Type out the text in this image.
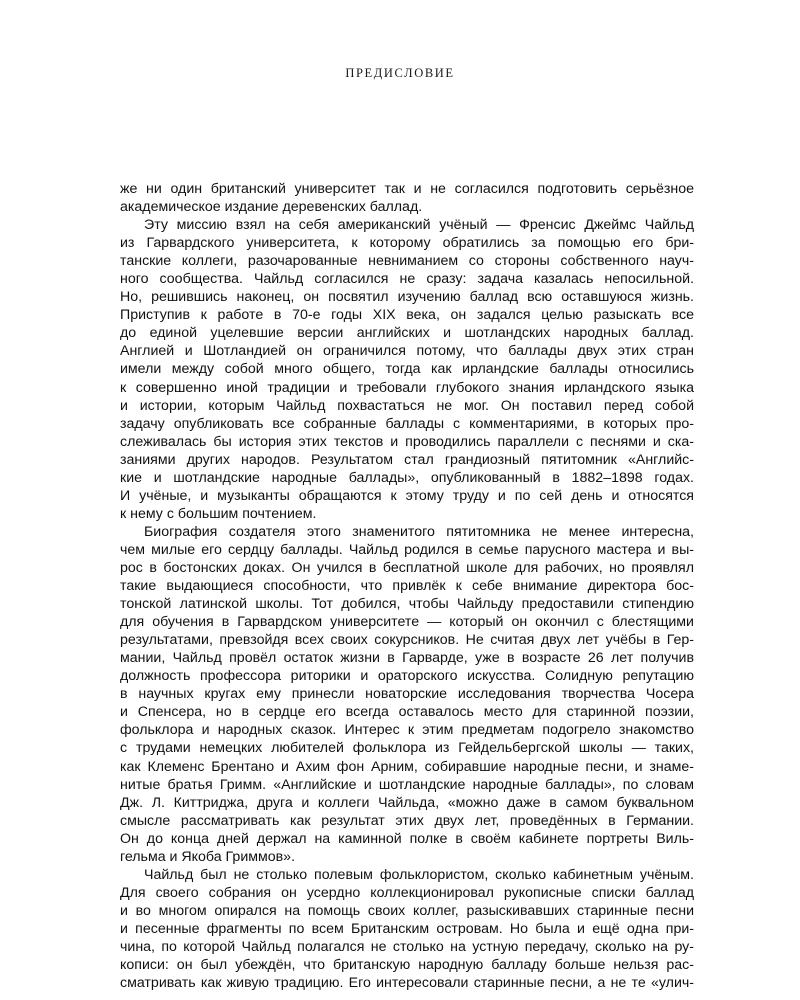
ПРЕДИСЛОВИЕ

же ни один британский университет так и не согласился подготовить серьёзное
академическое издание деревенских баллад.

Эту миссию взял на себя американский учёный — Френсис Джеймс Чайльд
из Гарвардского университета, к которому обратились за помощью его бри-
танские коллеги, разочарованные невниманием со стороны собственного науч-
ного сообщества. Чайльд согласился не сразу: задача казалась непосильной.
Но, решившись наконец, он посвятил изучению баллад всю оставшуюся жизнь.
Приступив к работе в 70-е годы XIX века, он задался целью разыскать все
до единой уцелевшие версии английских и шотландских народных баллад.
Англией и Шотландией он ограничился потому, что баллады двух этих стран
имели между собой много общего, тогда как ирландские баллады относились
к совершенно иной традиции и требовали глубокого знания ирландского языка
и истории, которым Чайльд похвастаться не мог. Он поставил перед собой
задачу опубликовать все собранные баллады с комментариями, в которых про-
слеживалась бы история этих текстов и проводились параллели с песнями и ска-
заниями других народов. Результатом стал грандиозный пятитомник «Английс-
кие и шотландские народные баллады», опубликованный в 1882–1898 годах.
И учёные, и музыканты обращаются к этому труду и по сей день и относятся
к нему с большим почтением.

Биография создателя этого знаменитого пятитомника не менее интересна,
чем милые его сердцу баллады. Чайльд родился в семье парусного мастера и вы-
рос в бостонских доках. Он учился в бесплатной школе для рабочих, но проявлял
такие выдающиеся способности, что привлёк к себе внимание директора бос-
тонской латинской школы. Тот добился, чтобы Чайльду предоставили стипендию
для обучения в Гарвардском университете — который он окончил с блестящими
результатами, превзойдя всех своих сокурсников. Не считая двух лет учёбы в Гер-
мании, Чайльд провёл остаток жизни в Гарварде, уже в возрасте 26 лет получив
должность профессора риторики и ораторского искусства. Солидную репутацию
в научных кругах ему принесли новаторские исследования творчества Чосера
и Спенсера, но в сердце его всегда оставалось место для старинной поэзии,
фольклора и народных сказок. Интерес к этим предметам подогрело знакомство
с трудами немецких любителей фольклора из Гейдельбергской школы — таких,
как Клеменс Брентано и Ахим фон Арним, собиравшие народные песни, и знаме-
нитые братья Гримм. «Английские и шотландские народные баллады», по словам
Дж. Л. Киттриджа, друга и коллеги Чайльда, «можно даже в самом буквальном
смысле рассматривать как результат этих двух лет, проведённых в Германии.
Он до конца дней держал на каминной полке в своём кабинете портреты Виль-
гельма и Якоба Гриммов».

Чайльд был не столько полевым фольклористом, сколько кабинетным учёным.
Для своего собрания он усердно коллекционировал рукописные списки баллад
и во многом опирался на помощь своих коллег, разыскивавших старинные песни
и песенные фрагменты по всем Британским островам. Но была и ещё одна при-
чина, по которой Чайльд полагался не столько на устную передачу, сколько на ру-
кописи: он был убеждён, что британскую народную балладу больше нельзя рас-
сматривать как живую традицию. Его интересовали старинные песни, а не те «улич-
